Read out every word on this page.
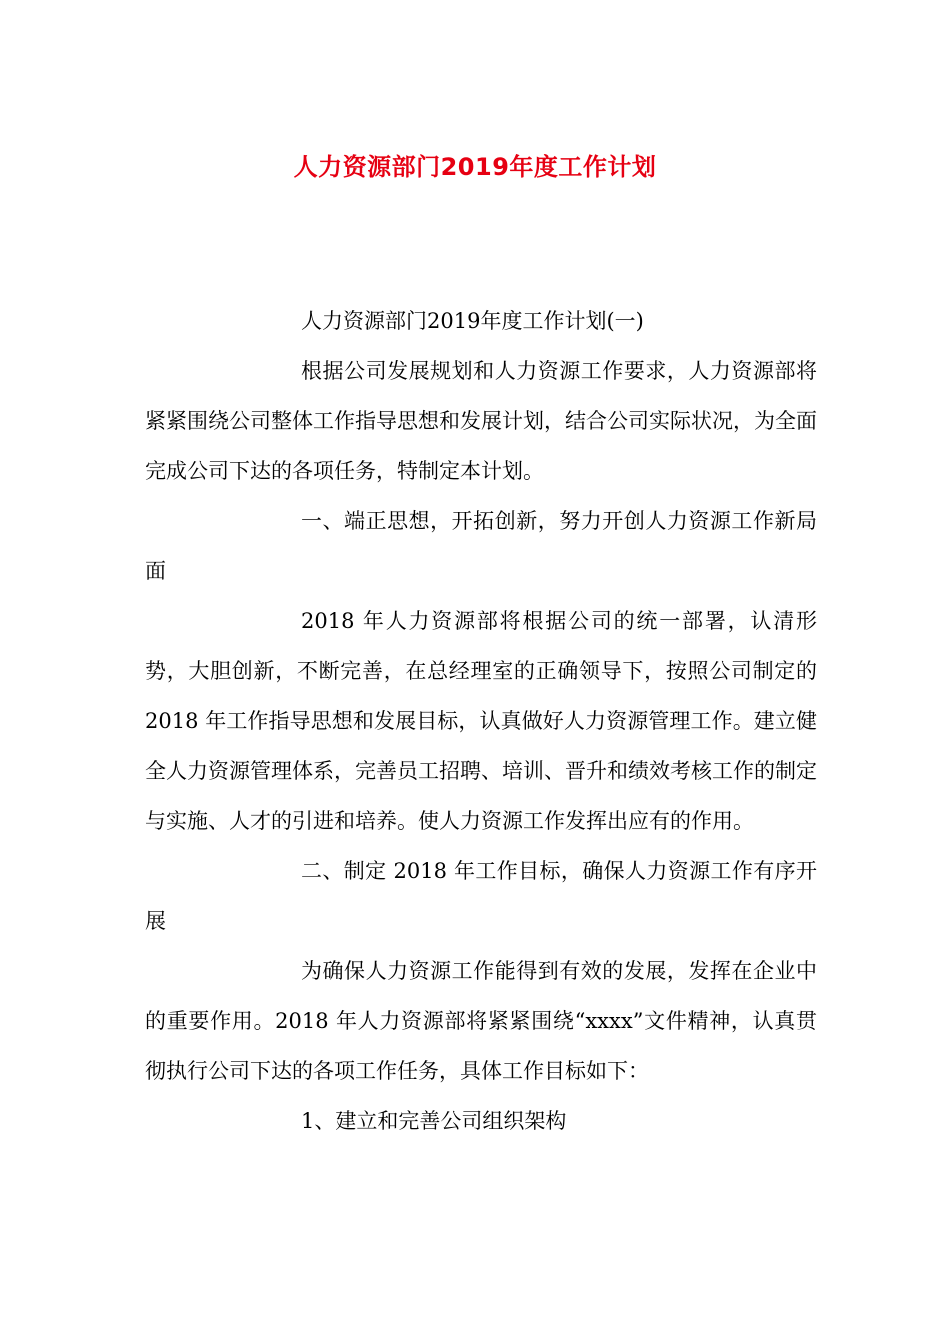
人力资源部门2019年度工作计划

人力资源部门2019年度工作计划(一)

根据公司发展规划和人力资源工作要求，人力资源部将紧紧围绕公司整体工作指导思想和发展计划，结合公司实际状况，为全面完成公司下达的各项任务，特制定本计划。

一、端正思想，开拓创新，努力开创人力资源工作新局面

2018 年人力资源部将根据公司的统一部署，认清形势，大胆创新，不断完善，在总经理室的正确领导下，按照公司制定的 2018 年工作指导思想和发展目标，认真做好人力资源管理工作。建立健全人力资源管理体系，完善员工招聘、培训、晋升和绩效考核工作的制定与实施、人才的引进和培养。使人力资源工作发挥出应有的作用。

二、制定 2018 年工作目标，确保人力资源工作有序开展

为确保人力资源工作能得到有效的发展，发挥在企业中的重要作用。2018 年人力资源部将紧紧围绕“xxxx”文件精神，认真贯彻执行公司下达的各项工作任务，具体工作目标如下：

1、建立和完善公司组织架构
